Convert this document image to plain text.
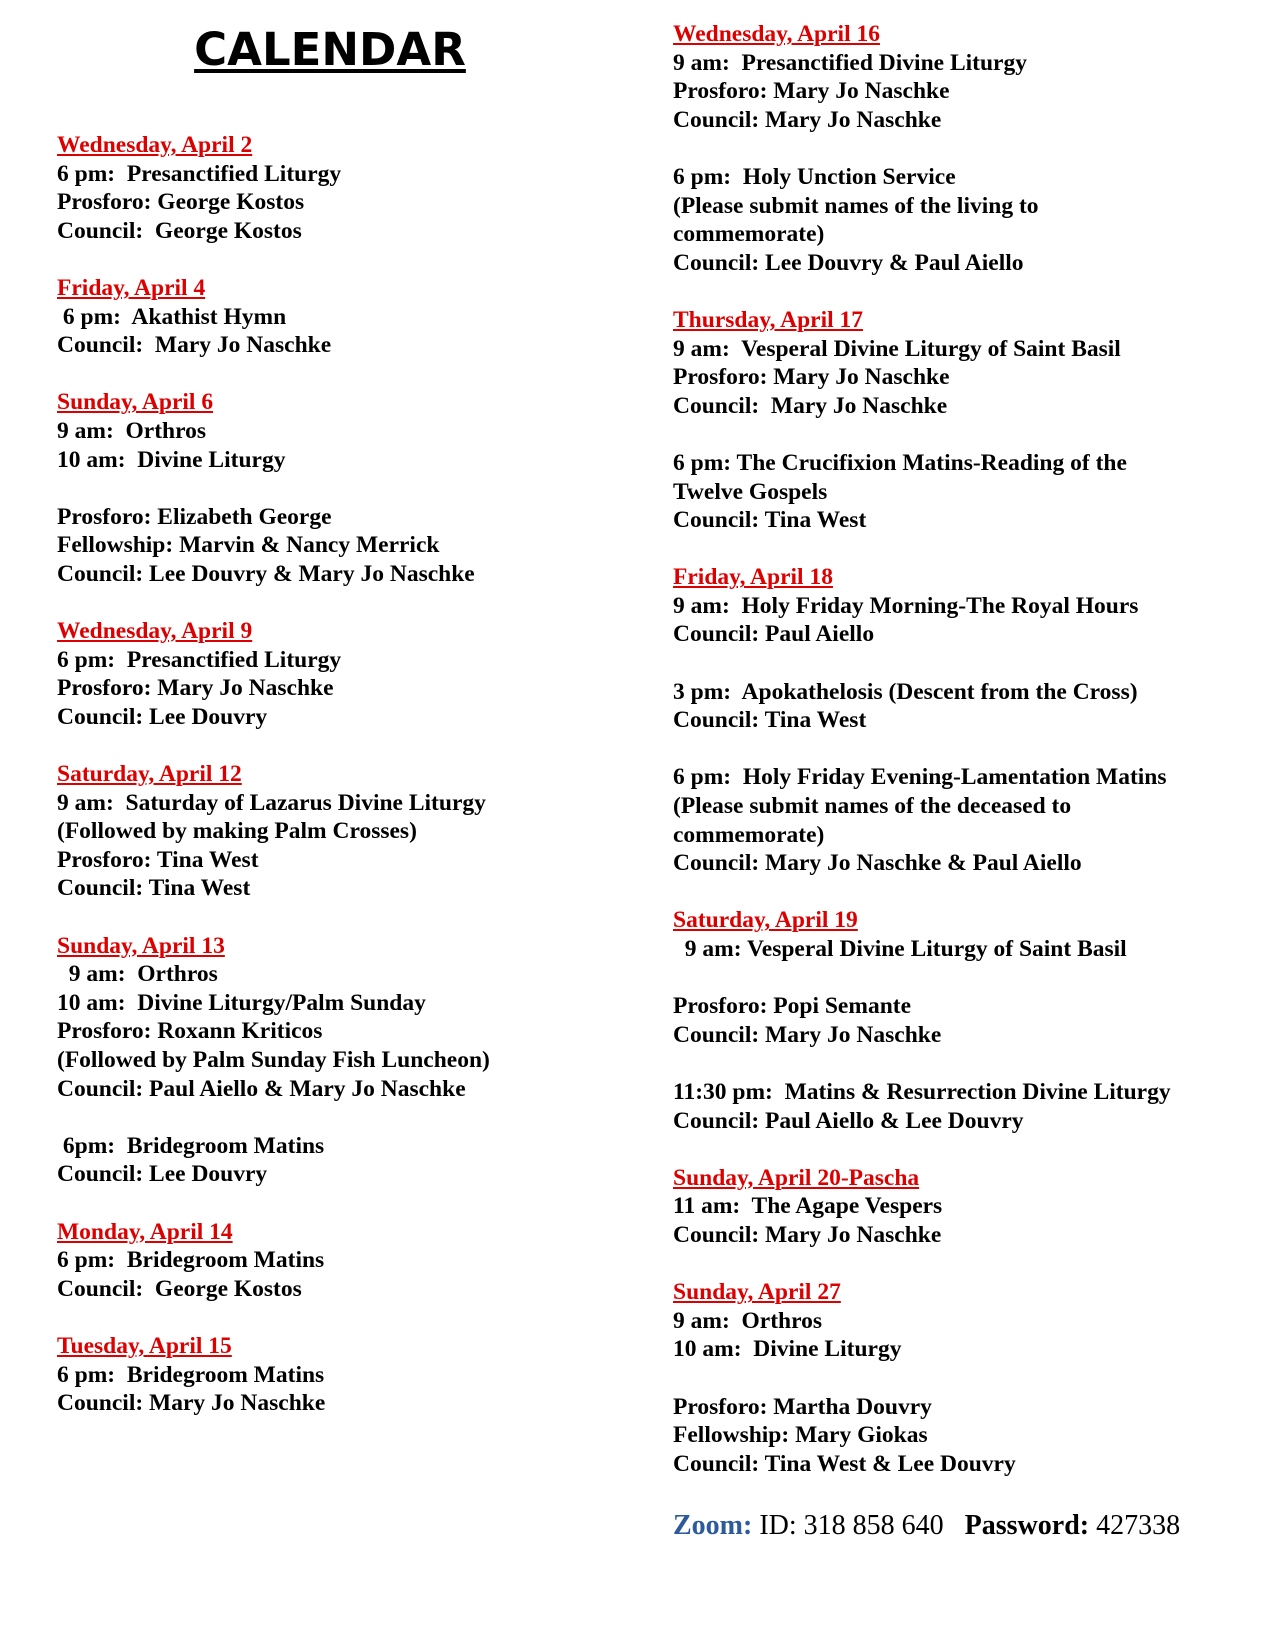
CALENDAR
Wednesday, April 2
6 pm:  Presanctified Liturgy
Prosforo: George Kostos
Council:  George Kostos
Friday, April 4
6 pm:  Akathist Hymn
Council:  Mary Jo Naschke
Sunday, April 6
9 am:  Orthros
10 am:  Divine Liturgy
Prosforo: Elizabeth George
Fellowship: Marvin & Nancy Merrick
Council: Lee Douvry & Mary Jo Naschke
Wednesday, April 9
6 pm:  Presanctified Liturgy
Prosforo: Mary Jo Naschke
Council: Lee Douvry
Saturday, April 12
9 am:  Saturday of Lazarus Divine Liturgy
(Followed by making Palm Crosses)
Prosforo: Tina West
Council: Tina West
Sunday, April 13
9 am:  Orthros
10 am:  Divine Liturgy/Palm Sunday
Prosforo: Roxann Kriticos
(Followed by Palm Sunday Fish Luncheon)
Council: Paul Aiello & Mary Jo Naschke
6pm:  Bridegroom Matins
Council: Lee Douvry
Monday, April 14
6 pm:  Bridegroom Matins
Council:  George Kostos
Tuesday, April 15
6 pm:  Bridegroom Matins
Council: Mary Jo Naschke
Wednesday, April 16
9 am:  Presanctified Divine Liturgy
Prosforo: Mary Jo Naschke
Council: Mary Jo Naschke
6 pm:  Holy Unction Service
(Please submit names of the living to
commemorate)
Council: Lee Douvry & Paul Aiello
Thursday, April 17
9 am:  Vesperal Divine Liturgy of Saint Basil
Prosforo: Mary Jo Naschke
Council:  Mary Jo Naschke
6 pm: The Crucifixion Matins-Reading of the
Twelve Gospels
Council: Tina West
Friday, April 18
9 am:  Holy Friday Morning-The Royal Hours
Council: Paul Aiello
3 pm:  Apokathelosis (Descent from the Cross)
Council: Tina West
6 pm:  Holy Friday Evening-Lamentation Matins
(Please submit names of the deceased to
commemorate)
Council: Mary Jo Naschke & Paul Aiello
Saturday, April 19
9 am: Vesperal Divine Liturgy of Saint Basil
Prosforo: Popi Semante
Council: Mary Jo Naschke
11:30 pm:  Matins & Resurrection Divine Liturgy
Council: Paul Aiello & Lee Douvry
Sunday, April 20-Pascha
11 am:  The Agape Vespers
Council: Mary Jo Naschke
Sunday, April 27
9 am:  Orthros
10 am:  Divine Liturgy
Prosforo: Martha Douvry
Fellowship: Mary Giokas
Council: Tina West & Lee Douvry
Zoom: ID: 318 858 640   Password: 427338
